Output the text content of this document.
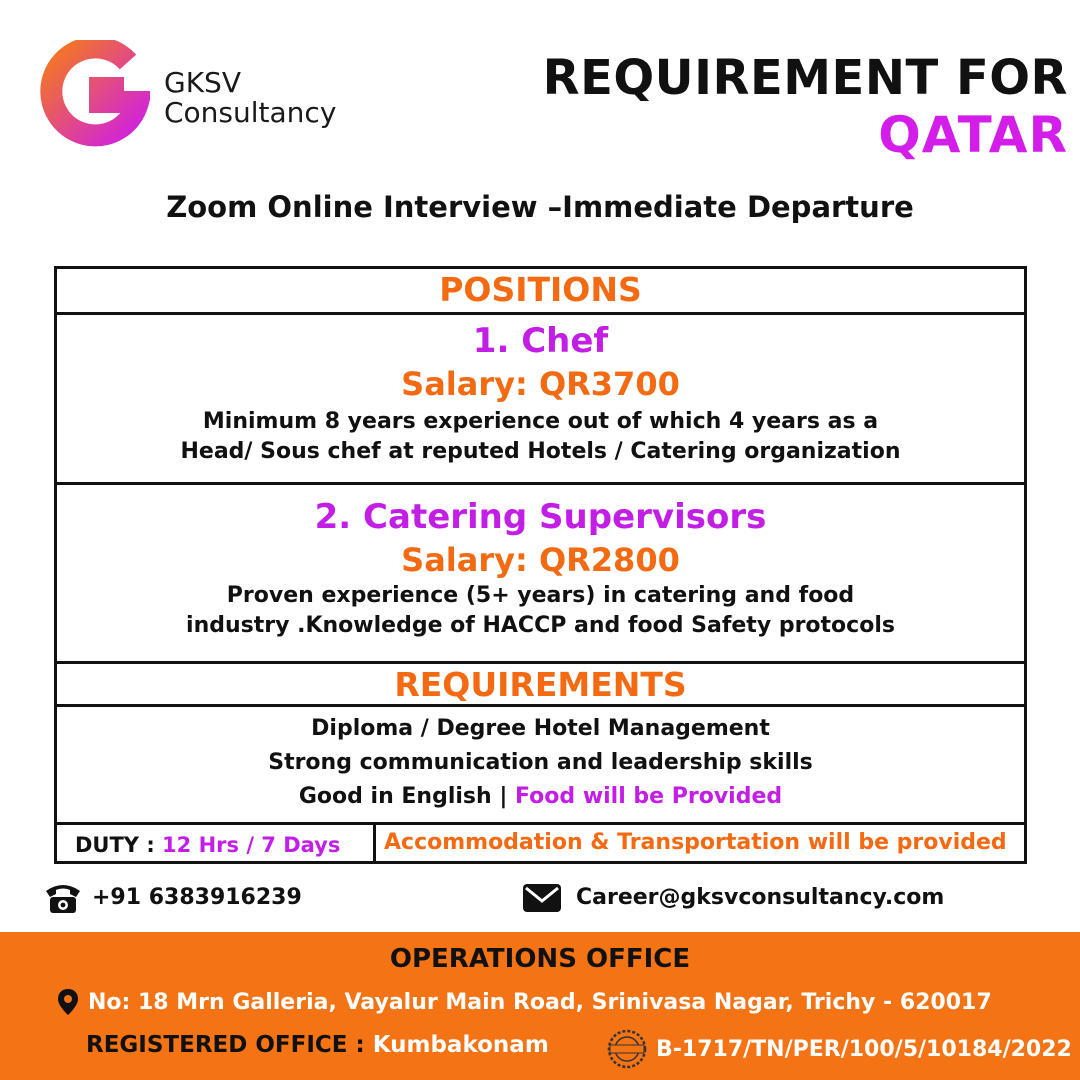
GKSV
Consultancy
REQUIREMENT FOR
QATAR
Zoom Online Interview –Immediate Departure
POSITIONS
1. Chef
Salary: QR3700
Minimum 8 years experience out of which 4 years as a
Head/ Sous chef at reputed Hotels / Catering organization
2. Catering Supervisors
Salary: QR2800
Proven experience (5+ years) in catering and food
industry .Knowledge of HACCP and food Safety protocols
REQUIREMENTS
Diploma / Degree Hotel Management
Strong communication and leadership skills
Good in English | Food will be Provided
DUTY : 12 Hrs / 7 Days	Accommodation & Transportation will be provided
+91 6383916239	Career@gksvconsultancy.com
OPERATIONS OFFICE
No: 18 Mrn Galleria, Vayalur Main Road, Srinivasa Nagar, Trichy - 620017
REGISTERED OFFICE : Kumbakonam	B-1717/TN/PER/100/5/10184/2022
